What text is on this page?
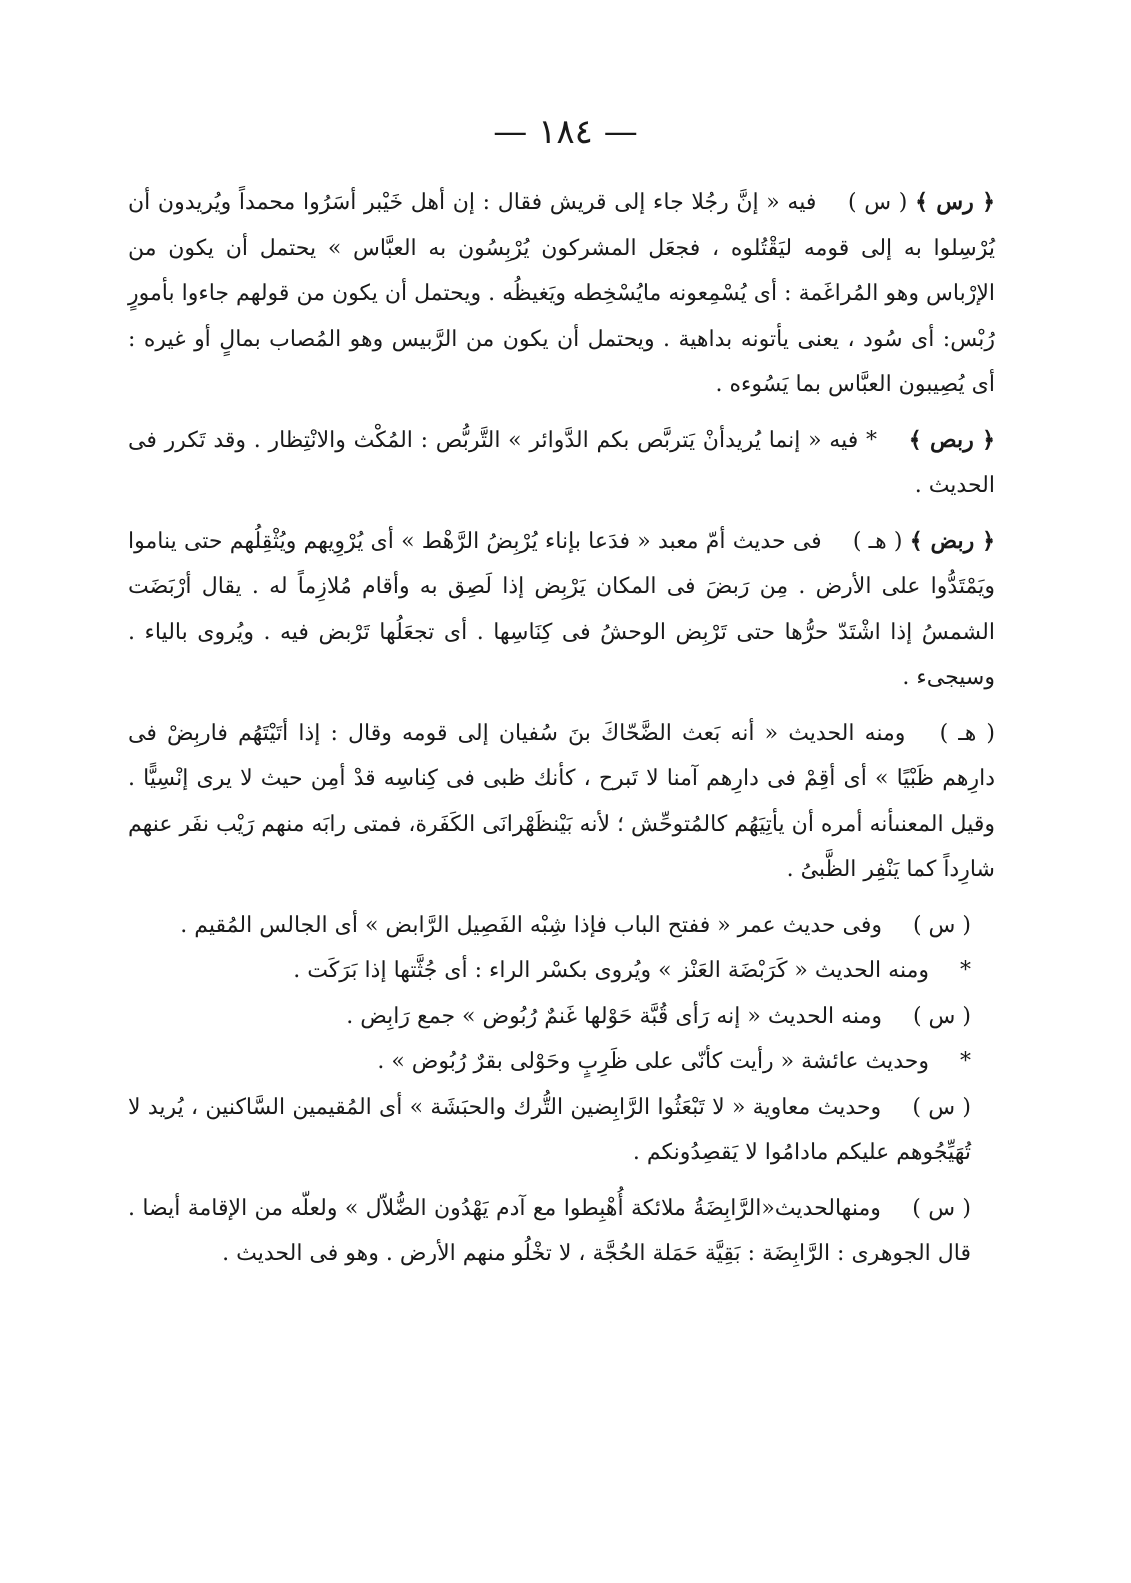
— ١٨٤ —

﴿ رس ﴾ ( س ) فيه « إنَّ رجُلا جاء إلى قريش فقال : إن أهل خَيْبر أسَرُوا محمداً ويُريدون أن يُرْسِلوا به إلى قومه ليَقْتُلوه ، فجعَل المشركون يُرْبِسُون به العبَّاس » يحتمل أن يكون من الإرْباس وهو المُراغَمة : أى يُسْمِعونه مايُسْخِطه ويَغيظُه . ويحتمل أن يكون من قولهم جاءوا بأمورٍ رُبْس: أى سُود ، يعنى يأتونه بداهية . ويحتمل أن يكون من الرَّبيس وهو المُصاب بمالٍ أو غيره : أى يُصِيبون العبَّاس بما يَسُوءه .

﴿ ربص ﴾ * فيه « إنما يُريدأنْ يَتربَّص بكم الدَّوائر » التَّربُّص : المُكْث والانْتِظار . وقد تَكرر فى الحديث .

﴿ ربض ﴾ ( هـ ) فى حديث أمّ معبد « فدَعا بإناء يُرْبِضُ الرَّهْط » أى يُرْوِيهم ويُثْقِلُهم حتى يناموا ويَمْتَدُّوا على الأرض . مِن رَبضَ فى المكان يَرْبِض إذا لَصِق به وأقام مُلازِماً له . يقال أرْبَضَت الشمسُ إذا اشْتَدّ حرُّها حتى تَرْبِض الوحشُ فى كِنَاسِها . أى تجعَلُها تَرْبض فيه . ويُروى بالياء . وسيجىء .

( هـ ) ومنه الحديث « أنه بَعث الضَّحّاكَ بنَ سُفيان إلى قومه وقال : إذا أتَيْتَهُم فاربِضْ فى دارِهم ظَبْيًا » أى أقِمْ فى دارِهم آمنا لا تَبرح ، كأنك ظبى فى كِناسِه قدْ أمِن حيث لا يرى إنْسِيًّا . وقيل المعنىأنه أمره أن يأتِيَهُم كالمُتوحِّش ؛ لأنه بَيْنظَهْرانَى الكَفَرة، فمتى رابَه منهم رَيْب نفَر عنهم شارِداً كما يَنْفِر الظَّبىُ .

( س ) وفى حديث عمر « ففتح الباب فإذا شِبْه الفَصِيل الرَّابض » أى الجالس المُقيم .

* ومنه الحديث « كَرَبْضَة العَنْز » ويُروى بكسْر الراء : أى جُثَّتها إذا بَرَكَت .

( س ) ومنه الحديث « إنه رَأى قُبَّة حَوْلها غَنمٌ رُبُوض » جمع رَابِض .

* وحديث عائشة « رأيت كأنّى على ظَرِبٍ وحَوْلى بقرٌ رُبُوض » .

( س ) وحديث معاوية « لا تَبْعَثُوا الرَّابِضين التُّرك والحبَشَة » أى المُقيمين السَّاكنين ، يُريد لا تُهَيِّجُوهم عليكم مادامُوا لا يَقصِدُونكم .

( س ) ومنهالحديث«الرَّابِضَةُ ملائكة أُهْبِطوا مع آدم يَهْدُون الضُّلاّل » ولعلّه من الإقامة أيضا . قال الجوهرى : الرَّابِضَة : بَقِيَّة حَمَلة الحُجَّة ، لا تخْلُو منهم الأرض . وهو فى الحديث .
